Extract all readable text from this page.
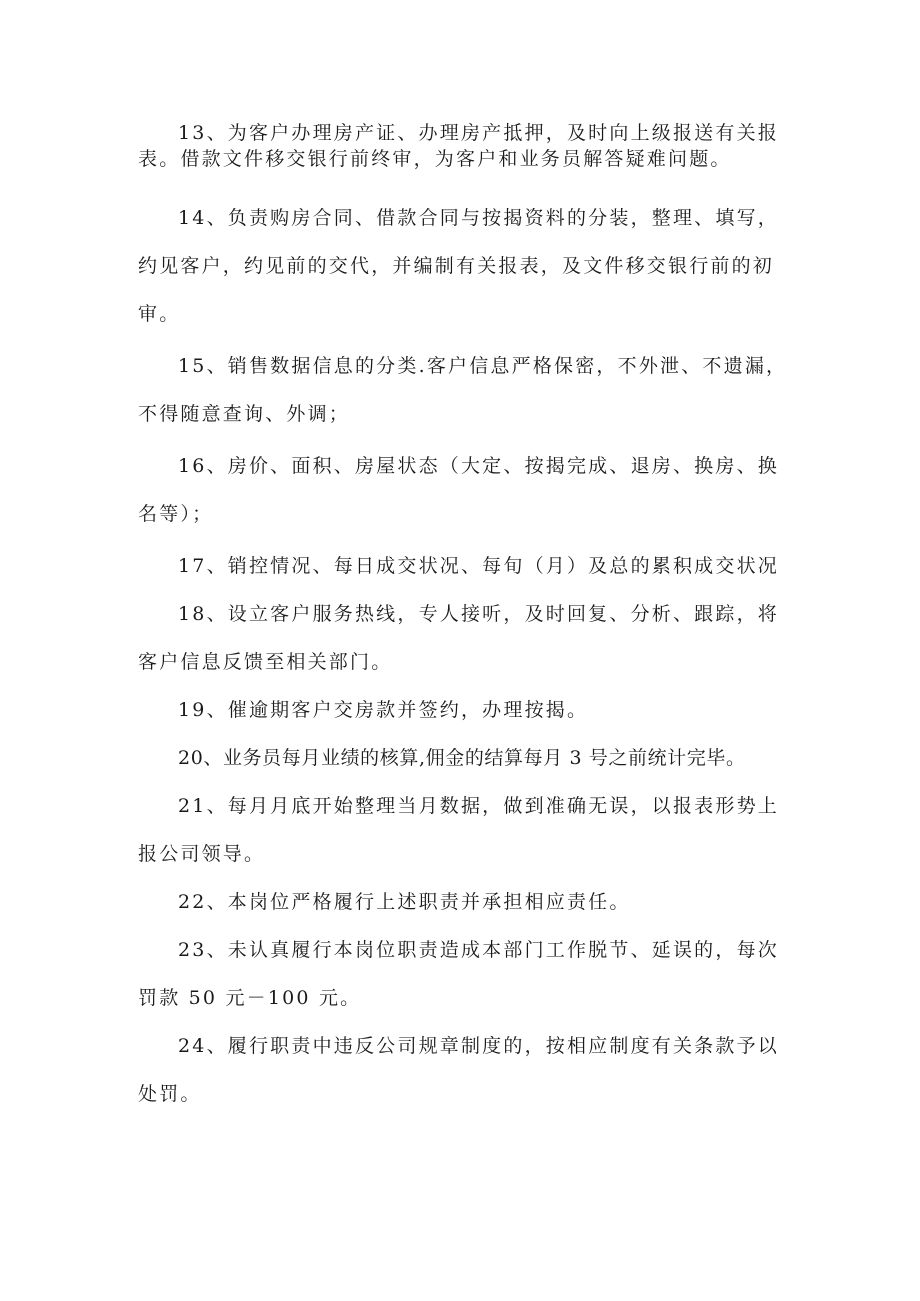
13、为客户办理房产证、办理房产抵押，及时向上级报送有关报表。借款文件移交银行前终审，为客户和业务员解答疑难问题。

14、负责购房合同、借款合同与按揭资料的分装，整理、填写，约见客户，约见前的交代，并编制有关报表，及文件移交银行前的初审。

15、销售数据信息的分类.客户信息严格保密，不外泄、不遗漏，不得随意查询、外调；

16、房价、面积、房屋状态（大定、按揭完成、退房、换房、换名等）；

17、销控情况、每日成交状况、每旬（月）及总的累积成交状况

18、设立客户服务热线，专人接听，及时回复、分析、跟踪，将客户信息反馈至相关部门。

19、催逾期客户交房款并签约，办理按揭。

20、业务员每月业绩的核算,佣金的结算每月 3 号之前统计完毕。

21、每月月底开始整理当月数据，做到准确无误，以报表形势上报公司领导。

22、本岗位严格履行上述职责并承担相应责任。

23、未认真履行本岗位职责造成本部门工作脱节、延误的，每次罚款 50 元－100 元。

24、履行职责中违反公司规章制度的，按相应制度有关条款予以处罚。
